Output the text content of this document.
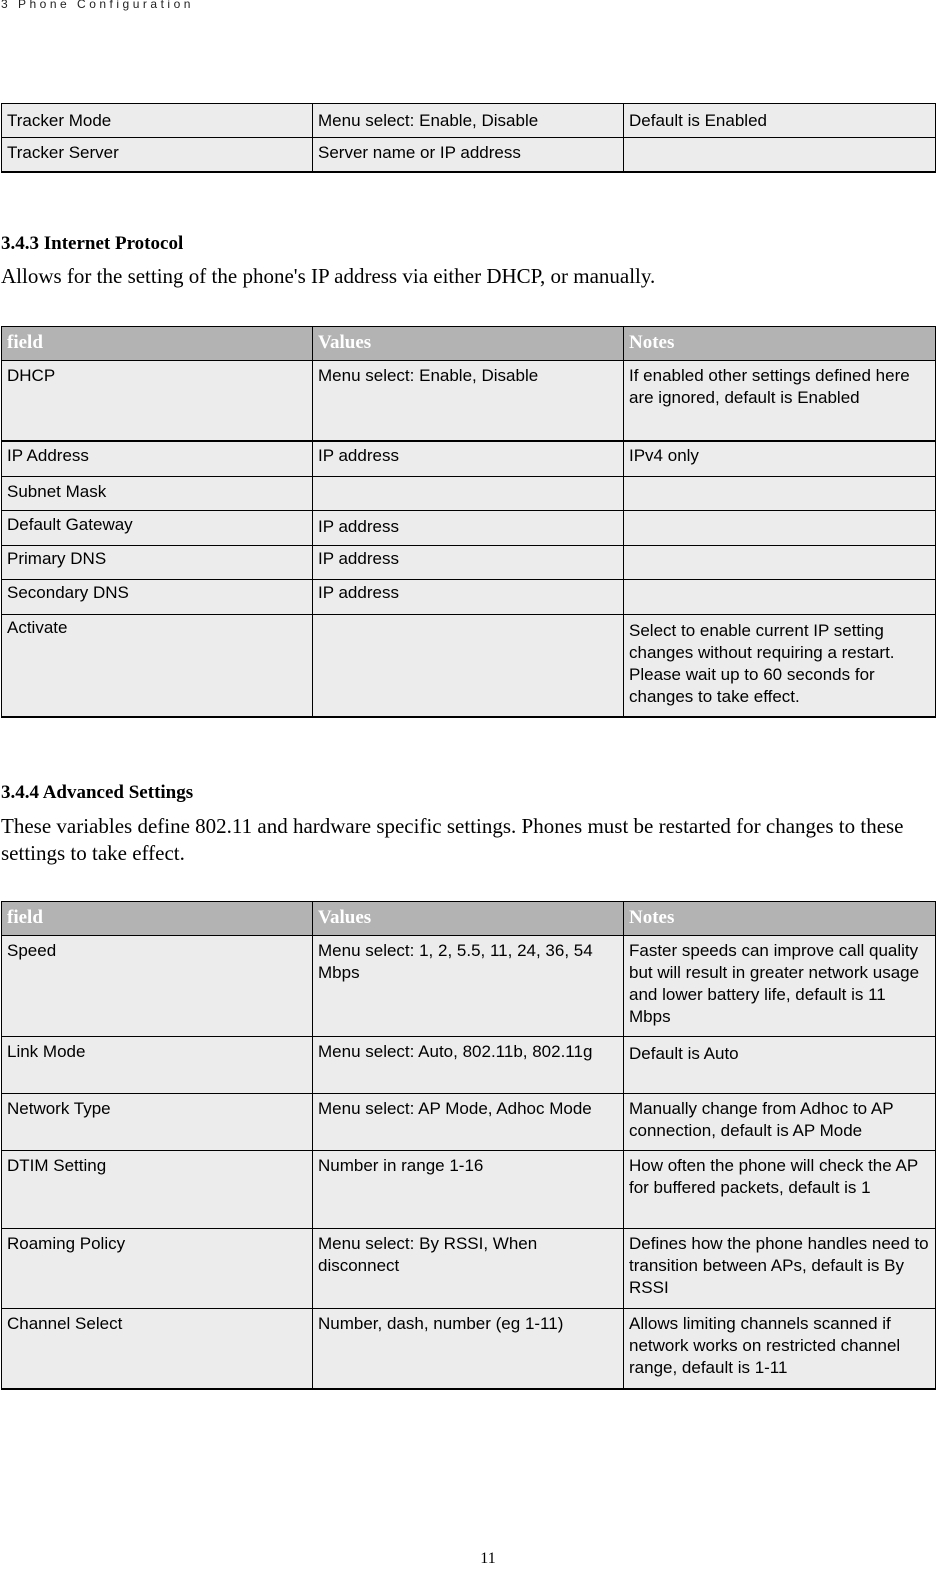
3 Phone Configuration
Tracker Mode	Menu select: Enable, Disable	Default is Enabled
Tracker Server	Server name or IP address	
3.4.3 Internet Protocol
Allows for the setting of the phone's IP address via either DHCP, or manually.
field	Values	Notes
DHCP	Menu select: Enable, Disable	If enabled other settings defined here are ignored, default is Enabled
IP Address	IP address	IPv4 only
Subnet Mask		
Default Gateway	IP address	
Primary DNS	IP address	
Secondary DNS	IP address	
Activate		Select to enable current IP setting changes without requiring a restart. Please wait up to 60 seconds for changes to take effect.
3.4.4 Advanced Settings
These variables define 802.11 and hardware specific settings. Phones must be restarted for changes to these settings to take effect.
field	Values	Notes
Speed	Menu select: 1, 2, 5.5, 11, 24, 36, 54 Mbps	Faster speeds can improve call quality but will result in greater network usage and lower battery life, default is 11 Mbps
Link Mode	Menu select: Auto, 802.11b, 802.11g	Default is Auto
Network Type	Menu select: AP Mode, Adhoc Mode	Manually change from Adhoc to AP connection, default is AP Mode
DTIM Setting	Number in range 1-16	How often the phone will check the AP for buffered packets, default is 1
Roaming Policy	Menu select: By RSSI, When disconnect	Defines how the phone handles need to transition between APs, default is By RSSI
Channel Select	Number, dash, number (eg 1-11)	Allows limiting channels scanned if network works on restricted channel range, default is 1-11
11
